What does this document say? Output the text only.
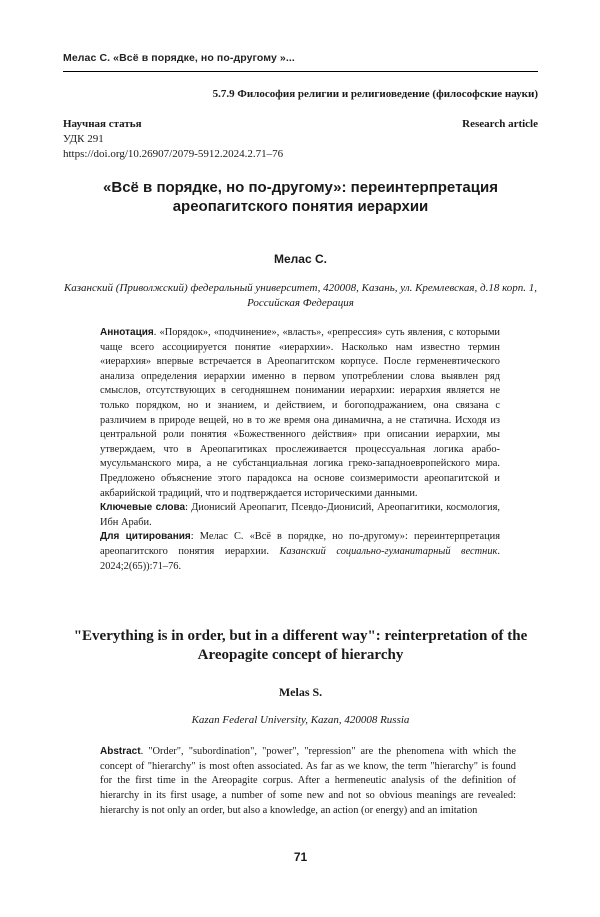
Мелас С. «Всё в порядке, но по-другому »...
5.7.9 Философия религии и религиоведение (философские науки)
Научная статья	Research article
УДК 291
https://doi.org/10.26907/2079-5912.2024.2.71–76
«Всё в порядке, но по-другому»: переинтерпретация ареопагитского понятия иерархии
Мелас С.
Казанский (Приволжский) федеральный университет, 420008, Казань, ул. Кремлевская, д.18 корп. 1, Российская Федерация

Аннотация. «Порядок», «подчинение», «власть», «репрессия» суть явления, с которыми чаще всего ассоциируется понятие «иерархии». Насколько нам известно термин «иерархия» впервые встречается в Ареопагитском корпусе. После герменевтического анализа определения иерархии именно в первом употреблении слова выявлен ряд смыслов, отсутствующих в сегодняшнем понимании иерархии: иерархия является не только порядком, но и знанием, и действием, и богоподражанием, она связана с различием в природе вещей, но в то же время она динамична, а не статична. Исходя из центральной роли понятия «Божественного действия» при описании иерархии, мы утверждаем, что в Ареопагитиках прослеживается процессуальная логика арабо-мусульманского мира, а не субстанциальная логика греко-западноевропейского мира. Предложено объяснение этого парадокса на основе соизмеримости ареопагитской и акбарийской традиций, что и подтверждается историческими данными.

Ключевые слова: Дионисий Ареопагит, Псевдо-Дионисий, Ареопагитики, космология, Ибн Араби.

Для цитирования: Мелас С. «Всё в порядке, но по-другому»: переинтерпретация ареопагитского понятия иерархии. Казанский социально-гуманитарный вестник. 2024;2(65)):71–76.

"Everything is in order, but in a different way": reinterpretation of the Areopagite concept of hierarchy
Melas S.
Kazan Federal University, Kazan, 420008 Russia

Abstract. "Order", "subordination", "power", "repression" are the phenomena with which the concept of "hierarchy" is most often associated. As far as we know, the term "hierarchy" is found for the first time in the Areopagite corpus. After a hermeneutic analysis of the definition of hierarchy in its first usage, a number of some new and not so obvious meanings are revealed: hierarchy is not only an order, but also a knowledge, an action (or energy) and an imitation

71
